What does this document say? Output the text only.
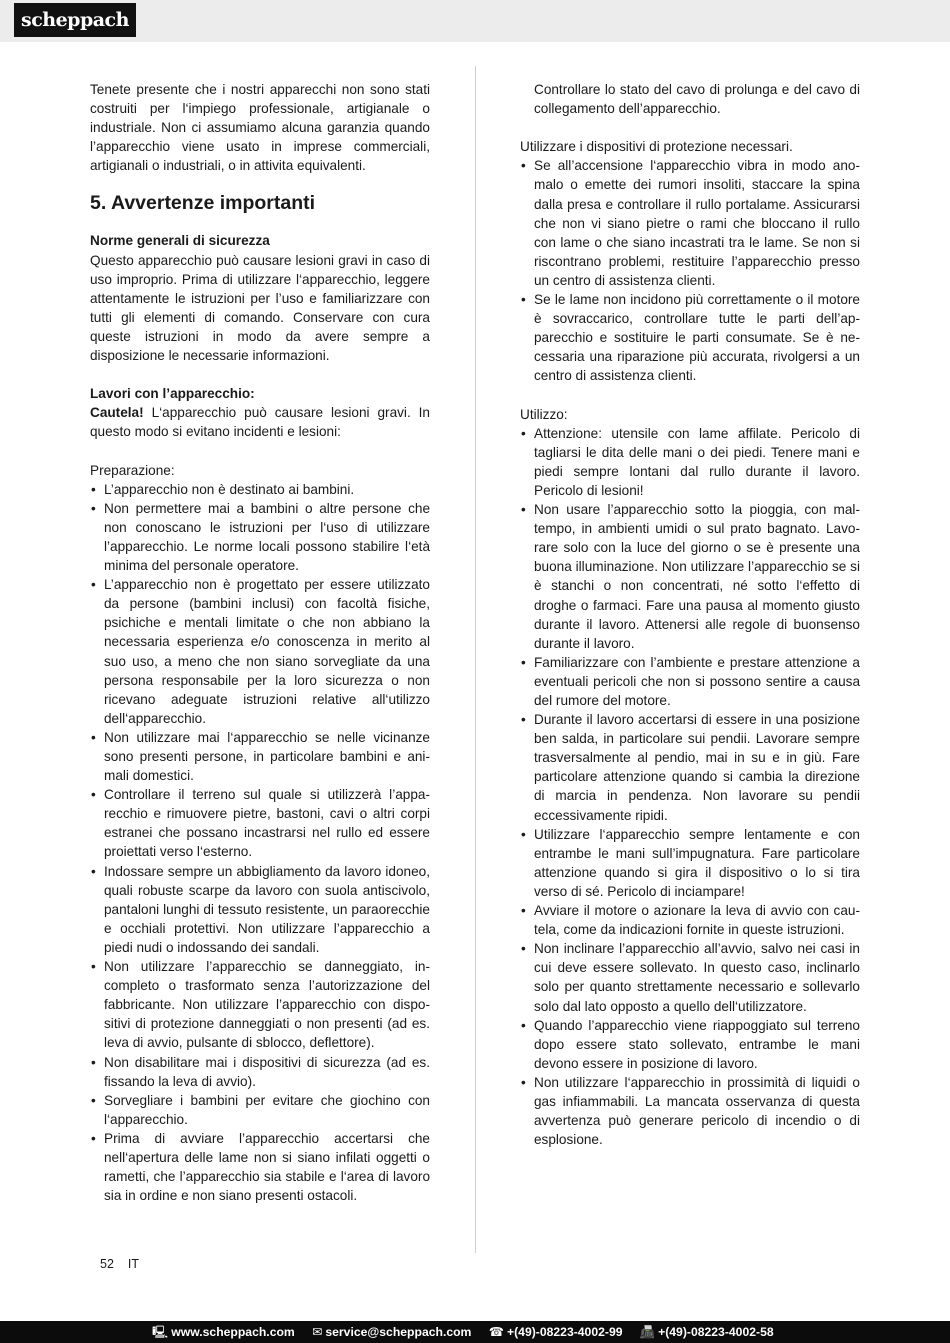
scheppach

Tenete presente che i nostri apparecchi non sono stati costruiti per l‘impiego professionale, artigianale o industriale. Non ci assumiamo alcuna garanzia quando l’apparecchio viene usato in imprese commerciali, artigianali o industriali, o in attivita equivalenti.

5. Avvertenze importanti

Norme generali di sicurezza

Questo apparecchio può causare lesioni gravi in caso di uso improprio. Prima di utilizzare l‘apparecchio, leggere attentamente le istruzioni per l’uso e familiarizzare con tutti gli elementi di comando. Conservare con cura queste istruzioni in modo da avere sempre a disposizione le necessarie informazioni.

Lavori con l’apparecchio:

Cautela! L‘apparecchio può causare lesioni gravi. In questo modo si evitano incidenti e lesioni:

Preparazione:

• L’apparecchio non è destinato ai bambini.
• Non permettere mai a bambini o altre persone che non conoscano le istruzioni per l‘uso di utilizzare l’apparecchio. Le norme locali possono stabilire l‘età minima del personale operatore.
• L’apparecchio non è progettato per essere utilizzato da persone (bambini inclusi) con facoltà fisiche, psichiche e mentali limitate o che non abbiano la necessaria esperienza e/o conoscenza in merito al suo uso, a meno che non siano sorvegliate da una persona responsabile per la loro sicurezza o non ricevano adeguate istruzioni relative all‘utilizzo dell‘apparecchio.
• Non utilizzare mai l‘apparecchio se nelle vicinanze sono presenti persone, in particolare bambini e animali domestici.
• Controllare il terreno sul quale si utilizzerà l’apparecchio e rimuovere pietre, bastoni, cavi o altri corpi estranei che possano incastrarsi nel rullo ed essere proiettati verso l‘esterno.
• Indossare sempre un abbigliamento da lavoro idoneo, quali robuste scarpe da lavoro con suola antiscivolo, pantaloni lunghi di tessuto resistente, un paraorecchie e occhiali protettivi. Non utilizzare l’apparecchio a piedi nudi o indossando dei sandali.
• Non utilizzare l’apparecchio se danneggiato, incompleto o trasformato senza l’autorizzazione del fabbricante. Non utilizzare l’apparecchio con dispositivi di protezione danneggiati o non presenti (ad es. leva di avvio, pulsante di sblocco, deflettore).
• Non disabilitare mai i dispositivi di sicurezza (ad es. fissando la leva di avvio).
• Sorvegliare i bambini per evitare che giochino con l‘apparecchio.
• Prima di avviare l’apparecchio accertarsi che nell‘apertura delle lame non si siano infilati oggetti o rametti, che l’apparecchio sia stabile e l‘area di lavoro sia in ordine e non siano presenti ostacoli.

Controllare lo stato del cavo di prolunga e del cavo di collegamento dell’apparecchio.

Utilizzare i dispositivi di protezione necessari.

• Se all’accensione l‘apparecchio vibra in modo anomalo o emette dei rumori insoliti, staccare la spina dalla presa e controllare il rullo portalame. Assicurarsi che non vi siano pietre o rami che bloccano il rullo con lame o che siano incastrati tra le lame. Se non si riscontrano problemi, restituire l’apparecchio presso un centro di assistenza clienti.
• Se le lame non incidono più correttamente o il motore è sovraccarico, controllare tutte le parti dell’apparecchio e sostituire le parti consumate. Se è necessaria una riparazione più accurata, rivolgersi a un centro di assistenza clienti.

Utilizzo:

• Attenzione: utensile con lame affilate. Pericolo di tagliarsi le dita delle mani o dei piedi. Tenere mani e piedi sempre lontani dal rullo durante il lavoro. Pericolo di lesioni!
• Non usare l’apparecchio sotto la pioggia, con maltempo, in ambienti umidi o sul prato bagnato. Lavorare solo con la luce del giorno o se è presente una buona illuminazione. Non utilizzare l’apparecchio se si è stanchi o non concentrati, né sotto l‘effetto di droghe o farmaci. Fare una pausa al momento giusto durante il lavoro. Attenersi alle regole di buonsenso durante il lavoro.
• Familiarizzare con l’ambiente e prestare attenzione a eventuali pericoli che non si possono sentire a causa del rumore del motore.
• Durante il lavoro accertarsi di essere in una posizione ben salda, in particolare sui pendii. Lavorare sempre trasversalmente al pendio, mai in su e in giù. Fare particolare attenzione quando si cambia la direzione di marcia in pendenza. Non lavorare su pendii eccessivamente ripidi.
• Utilizzare l‘apparecchio sempre lentamente e con entrambe le mani sull’impugnatura. Fare particolare attenzione quando si gira il dispositivo o lo si tira verso di sé. Pericolo di inciampare!
• Avviare il motore o azionare la leva di avvio con cautela, come da indicazioni fornite in queste istruzioni.
• Non inclinare l’apparecchio all’avvio, salvo nei casi in cui deve essere sollevato. In questo caso, inclinarlo solo per quanto strettamente necessario e sollevarlo solo dal lato opposto a quello dell‘utilizzatore.
• Quando l’apparecchio viene riappoggiato sul terreno dopo essere stato sollevato, entrambe le mani devono essere in posizione di lavoro.
• Non utilizzare l‘apparecchio in prossimità di liquidi o gas infiammabili. La mancata osservanza di questa avvertenza può generare pericolo di incendio o di esplosione.
52 IT
🖳 www.scheppach.com ✉ service@scheppach.com ☎ +(49)-08223-4002-99 📠 +(49)-08223-4002-58
